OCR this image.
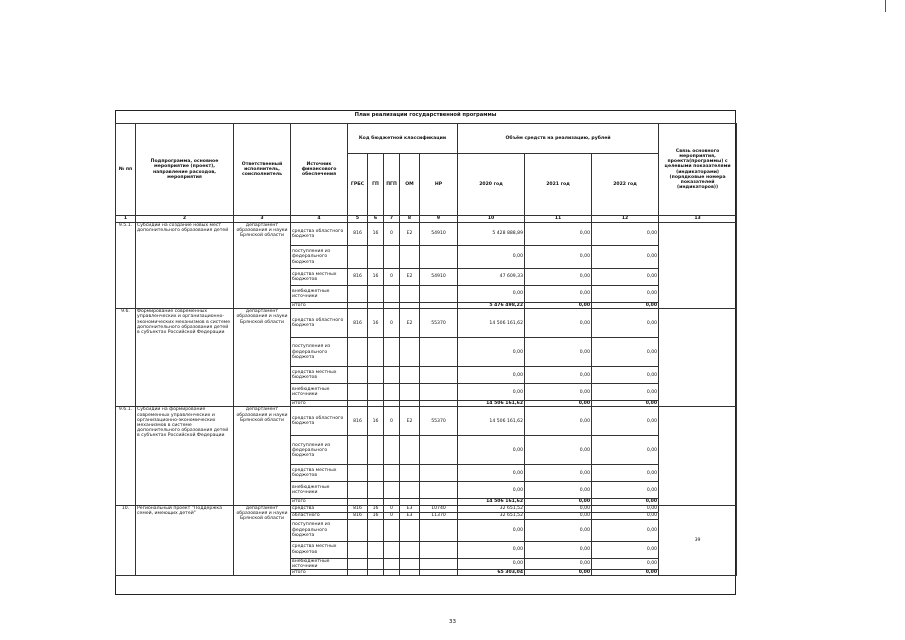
План реализации государственной программы
№ пп	Подпрограмма, основное мероприятие (проект), направление расходов, мероприятия	Ответственный исполнитель, соисполнитель	Источник финансового обеспечения	Код бюджетной классификации					Объём средств на реализацию, рублей			Связь основного мероприятия, проекта(программы) с целевыми показателями (индикаторами) (порядковые номера показателей (индикаторов))
				ГРБС	ГП	ПГП	ОМ	НР	2020 год	2021 год	2022 год	
1	2	3	4	5	6	7	8	9	10	11	12	13
9.5.1.	Субсидии на создание новых мест дополнительного образования детей	департамент образования и науки Брянской области	средства областного бюджета	816	16	0	Е2	54910	5 428 888,89	0,00	0,00	
			поступления из федерального бюджета						0,00	0,00	0,00	
			средства местных бюджетов	816	16	0	Е2	54910	47 609,33	0,00	0,00	
			внебюджетные источники						0,00	0,00	0,00	
			итого						5 476 498,22	0,00	0,00	
9.6.	Формирование современных управленческих и организационно-экономических механизмов в системе дополнительного образования детей в субъектах Российской Федерации	департамент образования и науки Брянской области	средства областного бюджета	816	16	0	Е2	55370	14 506 161,62	0,00	0,00	
			поступления из федерального бюджета						0,00	0,00	0,00	
			средства местных бюджетов						0,00	0,00	0,00	
			внебюджетные источники						0,00	0,00	0,00	
			итого						14 506 161,62	0,00	0,00	
9.6.1.	Субсидии на формирование современных управленческих и организационно-экономических механизмов в системе дополнительного образования детей в субъектах Российской Федерации	департамент образования и науки Брянской области	средства областного бюджета	816	16	0	Е2	55370	14 506 161,62	0,00	0,00	
			поступления из федерального бюджета						0,00	0,00	0,00	
			средства местных бюджетов						0,00	0,00	0,00	
			внебюджетные источники						0,00	0,00	0,00	
			итого						14 506 161,62	0,00	0,00	
10.	Региональный проект "Поддержка семей, имеющих детей"	департамент образования и науки Брянской области	средства	816	16	0	Е3	10740	32 651,52	0,00	0,00	39
			областного	816	16	0	Е3	11370	32 651,52	0,00	0,00	
			поступления из федерального бюджета						0,00	0,00	0,00	
			средства местных бюджетов						0,00	0,00	0,00	
			внебюджетные источники						0,00	0,00	0,00	
			итого						65 303,04	0,00	0,00	
33
